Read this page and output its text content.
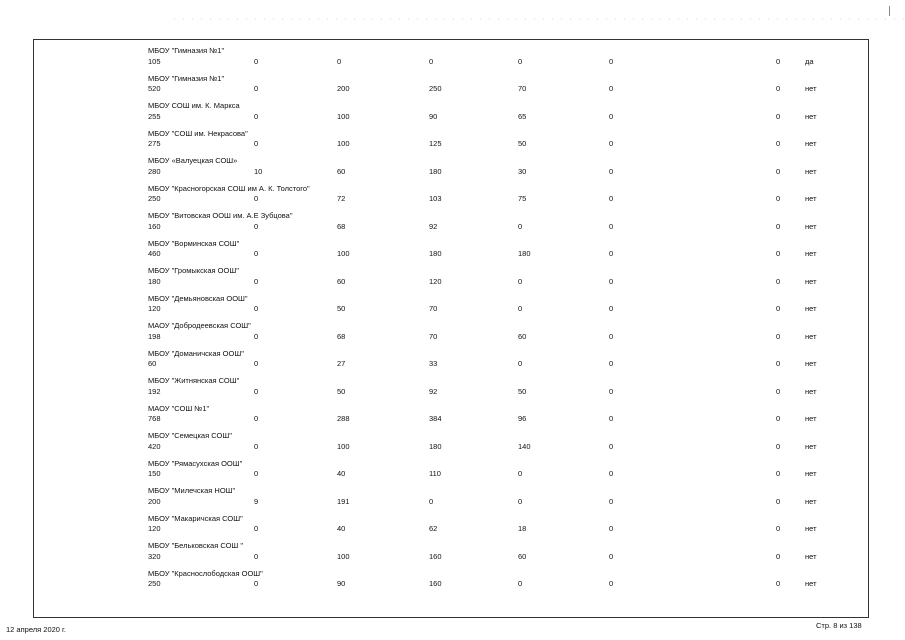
МБОУ "Гимназия №1"
105	0	0	0	0	0	0	да
МБОУ "Гимназия №1"
520	0	200	250	70	0	0	нет
МБОУ СОШ им. К. Маркса
255	0	100	90	65	0	0	нет
МБОУ "СОШ им. Некрасова"
275	0	100	125	50	0	0	нет
МБОУ «Валуецкая СОШ»
280	10	60	180	30	0	0	нет
МБОУ "Красногорская СОШ им А. К. Толстого"
250	0	72	103	75	0	0	нет
МБОУ "Витовская ООШ им. А.Е Зубцова"
160	0	68	92	0	0	0	нет
МБОУ "Ворминская СОШ"
460	0	100	180	180	0	0	нет
МБОУ "Громыкская ООШ"
180	0	60	120	0	0	0	нет
МБОУ "Демьяновская ООШ"
120	0	50	70	0	0	0	нет
МАОУ "Добродеевская СОШ"
198	0	68	70	60	0	0	нет
МБОУ "Доманичская ООШ"
60	0	27	33	0	0	0	нет
МБОУ "Житнянская СОШ"
192	0	50	92	50	0	0	нет
МАОУ "СОШ №1"
768	0	288	384	96	0	0	нет
МБОУ "Семецкая СОШ"
420	0	100	180	140	0	0	нет
МБОУ "Рямасухская ООШ"
150	0	40	110	0	0	0	нет
МБОУ "Милечская НОШ"
200	9	191	0	0	0	0	нет
МБОУ "Макаричская СОШ"
120	0	40	62	18	0	0	нет
МБОУ "Бельковская СОШ "
320	0	100	160	60	0	0	нет
МБОУ "Краснослободская ООШ"
250	0	90	160	0	0	0	нет
12 апреля 2020 г.	Стр. 8 из 138
